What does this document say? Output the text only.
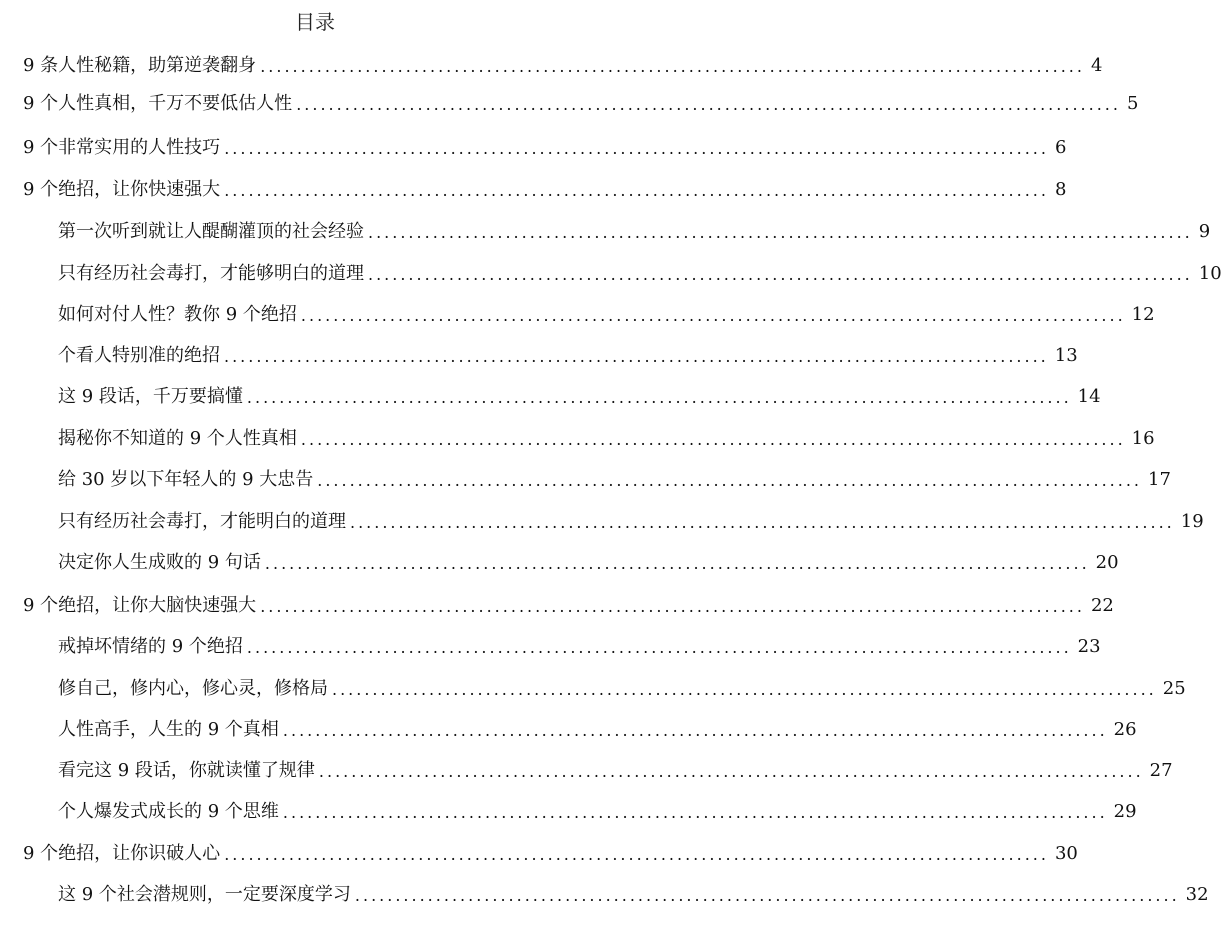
目录
9 条人性秘籍，助第逆袭翻身 ...................................................................................................... 4
9 个人性真相，千万不要低估人性 ...................................................................................................... 5
9 个非常实用的人性技巧 ...................................................................................................... 6
9 个绝招，让你快速强大 ...................................................................................................... 8
第一次听到就让人醍醐灌顶的社会经验 ...................................................................................................... 9
只有经历社会毒打，才能够明白的道理 ...................................................................................................... 10
如何对付人性？教你 9 个绝招 ...................................................................................................... 12
个看人特别准的绝招 ...................................................................................................... 13
这 9 段话，千万要搞懂 ...................................................................................................... 14
揭秘你不知道的 9 个人性真相 ...................................................................................................... 16
给 30 岁以下年轻人的 9 大忠告 ...................................................................................................... 17
只有经历社会毒打，才能明白的道理 ...................................................................................................... 19
决定你人生成败的 9 句话 ...................................................................................................... 20
9 个绝招，让你大脑快速强大 ...................................................................................................... 22
戒掉坏情绪的 9 个绝招 ...................................................................................................... 23
修自己，修内心，修心灵，修格局 ...................................................................................................... 25
人性高手，人生的 9 个真相 ...................................................................................................... 26
看完这 9 段话，你就读懂了规律 ...................................................................................................... 27
个人爆发式成长的 9 个思维 ...................................................................................................... 29
9 个绝招，让你识破人心 ...................................................................................................... 30
这 9 个社会潜规则，一定要深度学习 ...................................................................................................... 32
